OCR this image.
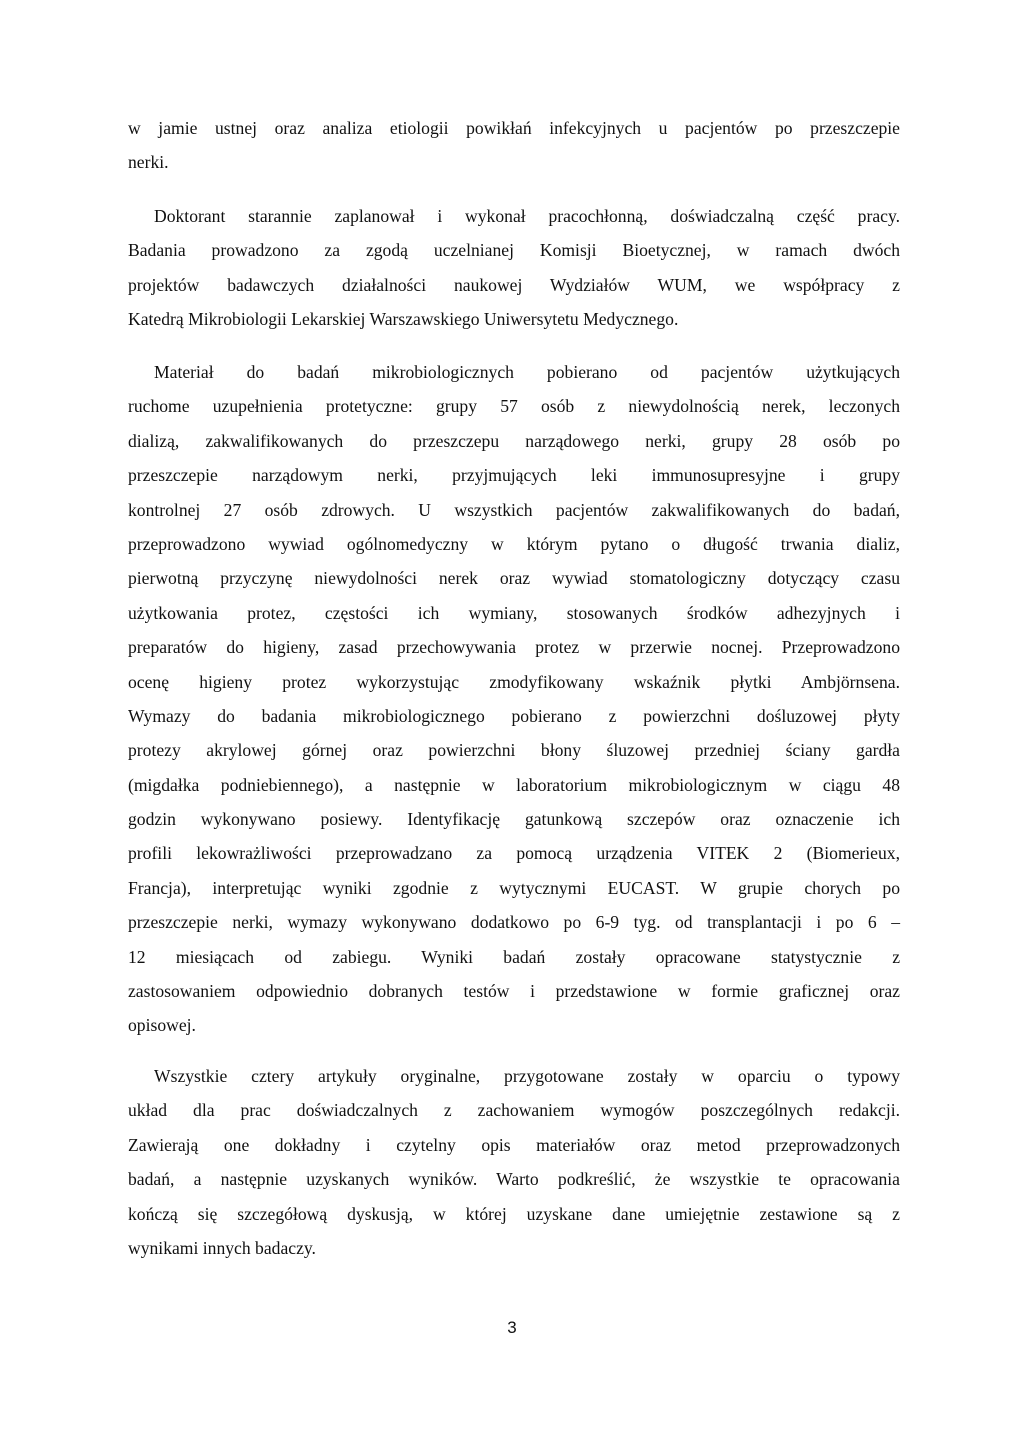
w jamie ustnej oraz analiza etiologii powikłań infekcyjnych u pacjentów po przeszczepie
nerki.
Doktorant starannie zaplanował i wykonał pracochłonną, doświadczalną część pracy.
Badania prowadzono za zgodą uczelnianej Komisji Bioetycznej, w ramach dwóch
projektów badawczych działalności naukowej Wydziałów WUM, we współpracy z
Katedrą Mikrobiologii Lekarskiej Warszawskiego Uniwersytetu Medycznego.
Materiał do badań mikrobiologicznych pobierano od pacjentów użytkujących
ruchome uzupełnienia protetyczne: grupy 57 osób z niewydolnością nerek, leczonych
dializą, zakwalifikowanych do przeszczepu narządowego nerki, grupy 28 osób po
przeszczepie narządowym nerki, przyjmujących leki immunosupresyjne i grupy
kontrolnej 27 osób zdrowych. U wszystkich pacjentów zakwalifikowanych do badań,
przeprowadzono wywiad ogólnomedyczny w którym pytano o długość trwania dializ,
pierwotną przyczynę niewydolności nerek oraz wywiad stomatologiczny dotyczący czasu
użytkowania protez, częstości ich wymiany, stosowanych środków adhezyjnych i
preparatów do higieny, zasad przechowywania protez w przerwie nocnej. Przeprowadzono
ocenę higieny protez wykorzystując zmodyfikowany wskaźnik płytki Ambjörnsena.
Wymazy do badania mikrobiologicznego pobierano z powierzchni dośluzowej płyty
protezy akrylowej górnej oraz powierzchni błony śluzowej przedniej ściany gardła
(migdałka podniebiennego), a następnie w laboratorium mikrobiologicznym w ciągu 48
godzin wykonywano posiewy. Identyfikację gatunkową szczepów oraz oznaczenie ich
profili lekowrażliwości przeprowadzano za pomocą urządzenia VITEK 2 (Biomerieux,
Francja), interpretując wyniki zgodnie z wytycznymi EUCAST. W grupie chorych po
przeszczepie nerki, wymazy wykonywano dodatkowo po 6-9 tyg. od transplantacji i po 6 –
12 miesiącach od zabiegu. Wyniki badań zostały opracowane statystycznie z
zastosowaniem odpowiednio dobranych testów i przedstawione w formie graficznej oraz
opisowej.
Wszystkie cztery artykuły oryginalne, przygotowane zostały w oparciu o typowy
układ dla prac doświadczalnych z zachowaniem wymogów poszczególnych redakcji.
Zawierają one dokładny i czytelny opis materiałów oraz metod przeprowadzonych
badań, a następnie uzyskanych wyników. Warto podkreślić, że wszystkie te opracowania
kończą się szczegółową dyskusją, w której uzyskane dane umiejętnie zestawione są z
wynikami innych badaczy.
3
